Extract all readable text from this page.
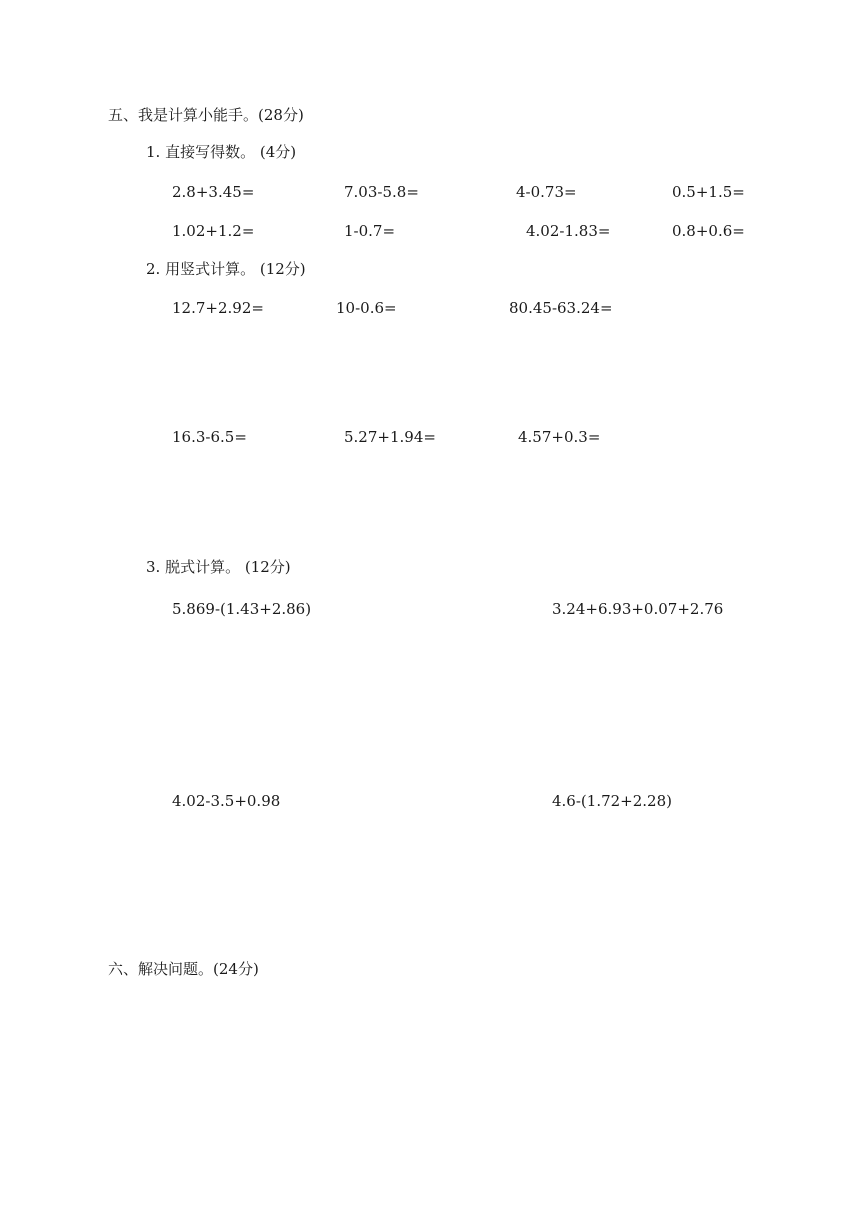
五、我是计算小能手。(28分)
1. 直接写得数。 (4分)
2.8+3.45=	7.03-5.8=	4-0.73=	0.5+1.5=
1.02+1.2=	1-0.7=	4.02-1.83=	0.8+0.6=
2. 用竖式计算。 (12分)
12.7+2.92=	10-0.6=	80.45-63.24=
16.3-6.5=	5.27+1.94=	4.57+0.3=
3. 脱式计算。 (12分)
5.869-(1.43+2.86)	3.24+6.93+0.07+2.76
4.02-3.5+0.98	4.6-(1.72+2.28)
六、解决问题。(24分)
